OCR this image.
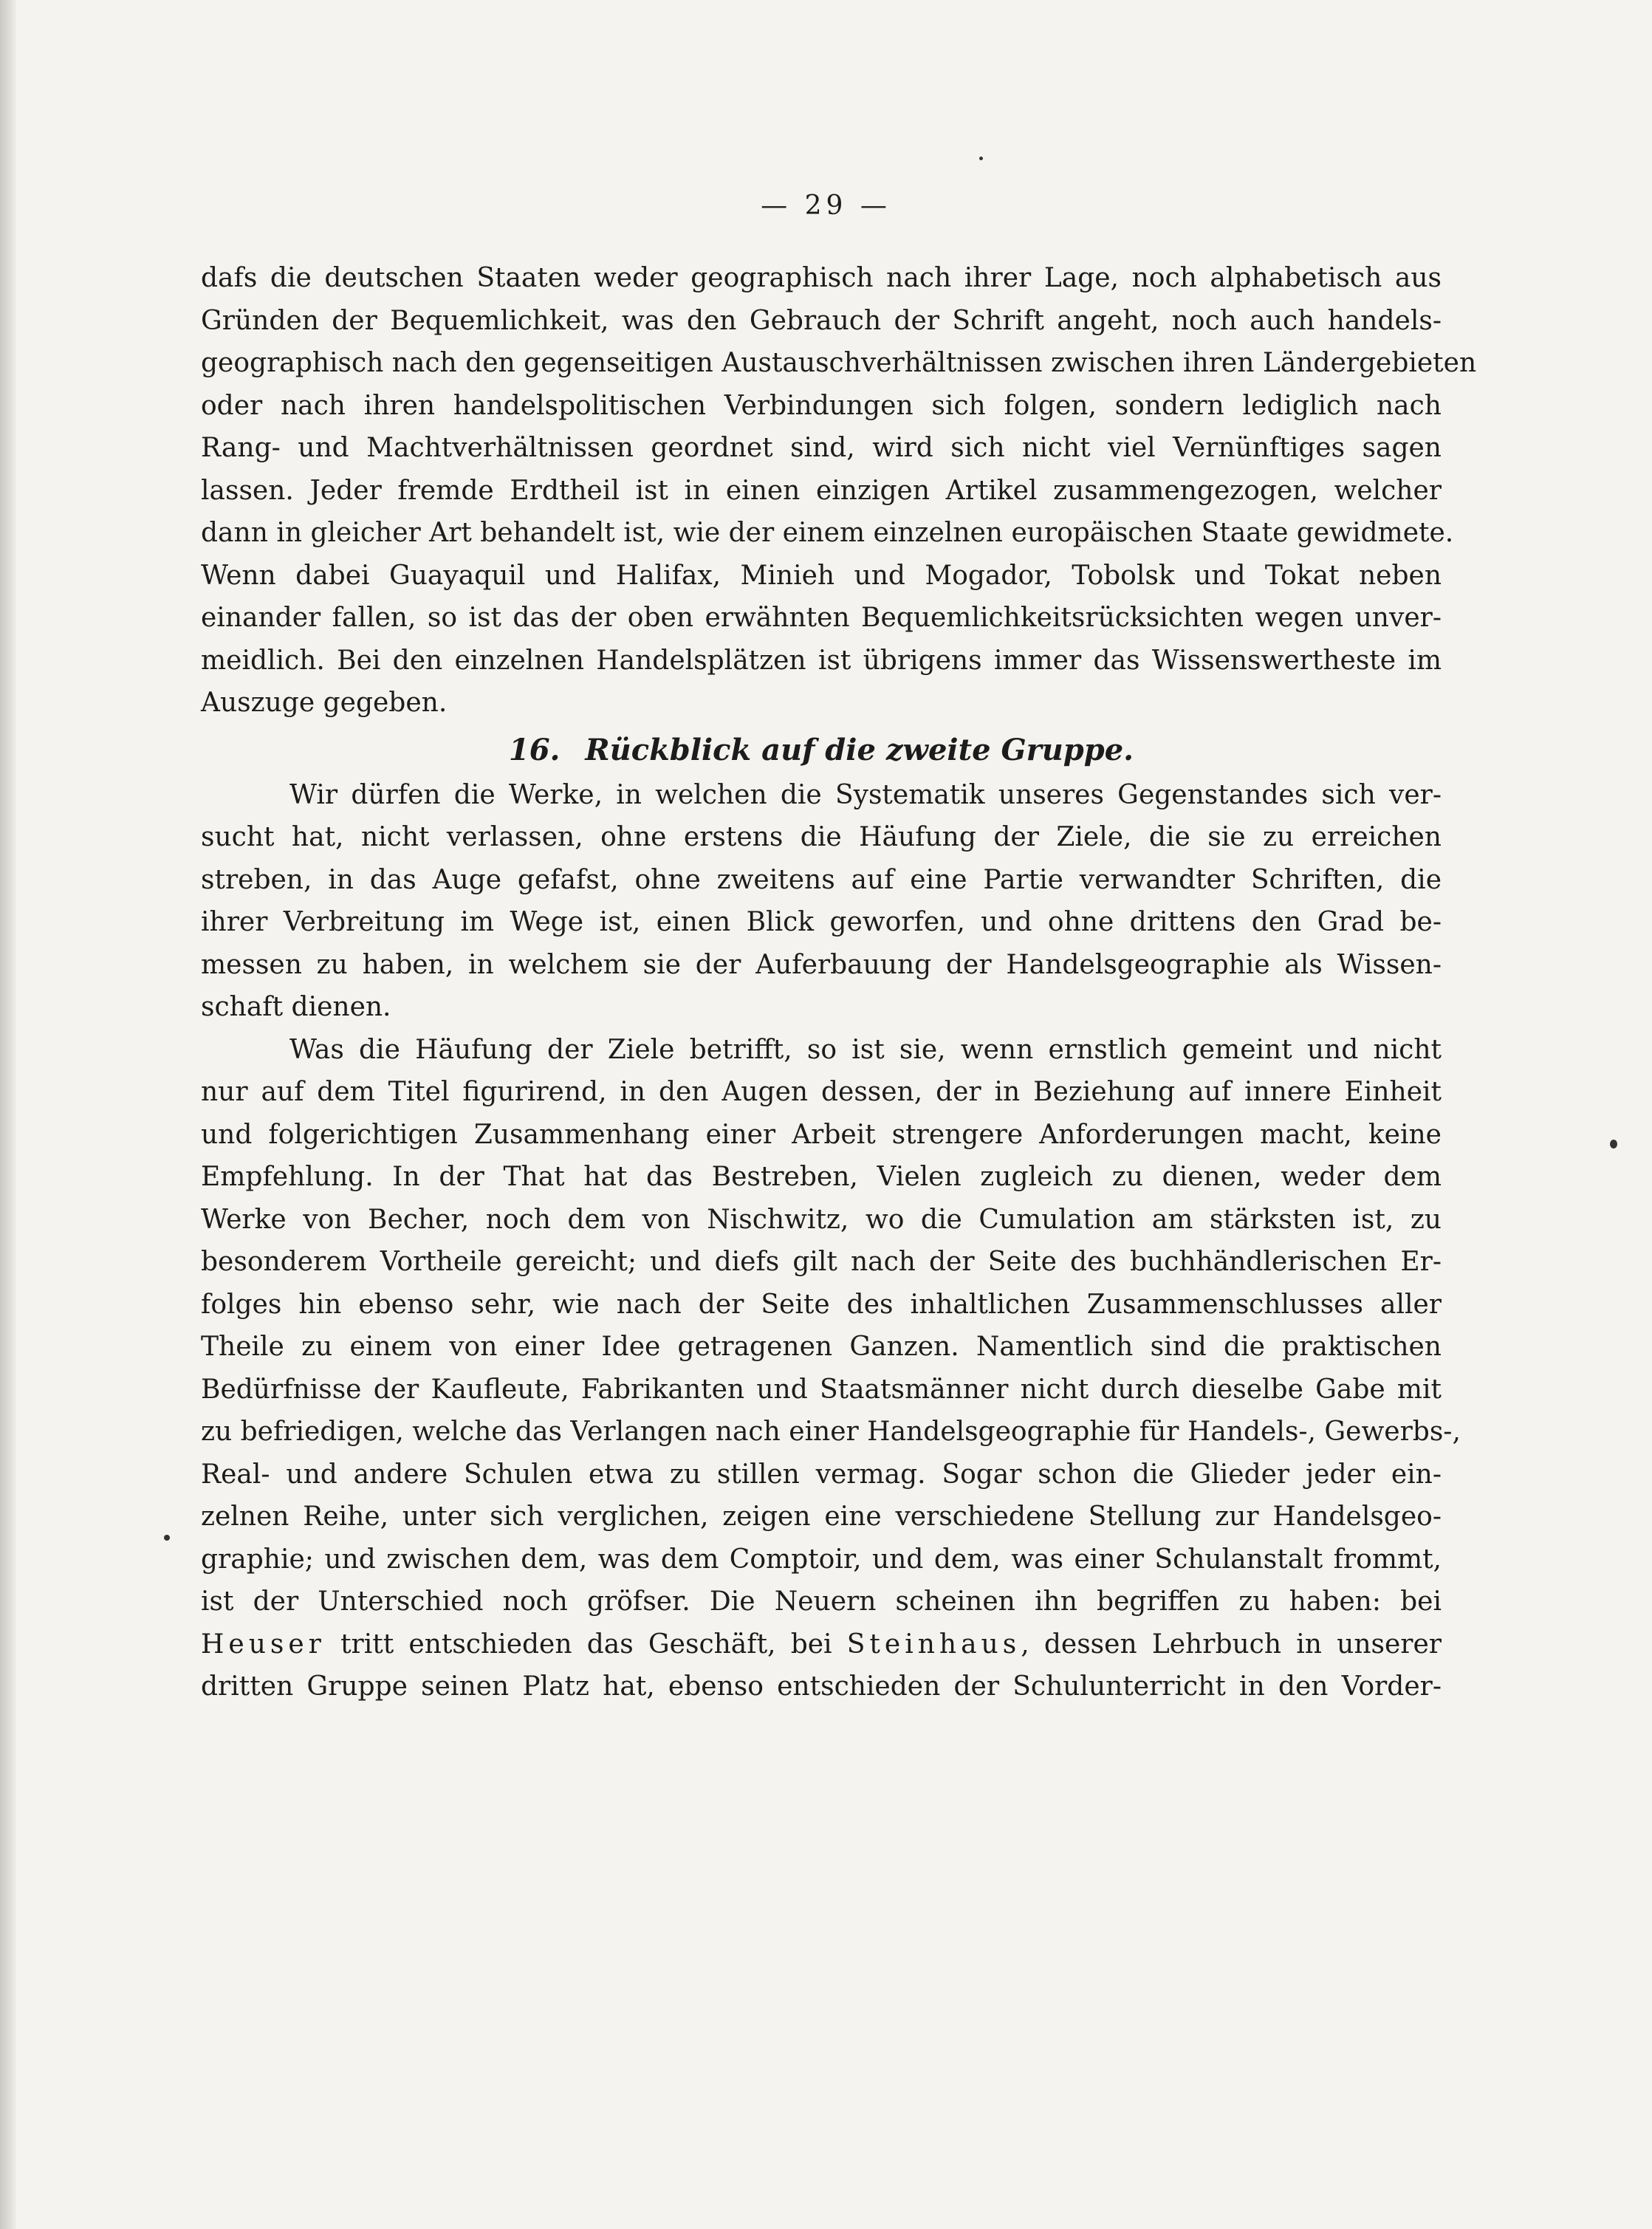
— 29 —
dafs die deutschen Staaten weder geographisch nach ihrer Lage, noch alphabetisch aus
Gründen der Bequemlichkeit, was den Gebrauch der Schrift angeht, noch auch handels-
geographisch nach den gegenseitigen Austauschverhältnissen zwischen ihren Ländergebieten
oder nach ihren handelspolitischen Verbindungen sich folgen, sondern lediglich nach
Rang- und Machtverhältnissen geordnet sind, wird sich nicht viel Vernünftiges sagen
lassen. Jeder fremde Erdtheil ist in einen einzigen Artikel zusammengezogen, welcher
dann in gleicher Art behandelt ist, wie der einem einzelnen europäischen Staate gewidmete.
Wenn dabei Guayaquil und Halifax, Minieh und Mogador, Tobolsk und Tokat neben
einander fallen, so ist das der oben erwähnten Bequemlichkeitsrücksichten wegen unver-
meidlich. Bei den einzelnen Handelsplätzen ist übrigens immer das Wissenswertheste im
Auszuge gegeben.
16. Rückblick auf die zweite Gruppe.
Wir dürfen die Werke, in welchen die Systematik unseres Gegenstandes sich ver-
sucht hat, nicht verlassen, ohne erstens die Häufung der Ziele, die sie zu erreichen
streben, in das Auge gefafst, ohne zweitens auf eine Partie verwandter Schriften, die
ihrer Verbreitung im Wege ist, einen Blick geworfen, und ohne drittens den Grad be-
messen zu haben, in welchem sie der Auferbauung der Handelsgeographie als Wissen-
schaft dienen.
Was die Häufung der Ziele betrifft, so ist sie, wenn ernstlich gemeint und nicht
nur auf dem Titel figurirend, in den Augen dessen, der in Beziehung auf innere Einheit
und folgerichtigen Zusammenhang einer Arbeit strengere Anforderungen macht, keine
Empfehlung. In der That hat das Bestreben, Vielen zugleich zu dienen, weder dem
Werke von Becher, noch dem von Nischwitz, wo die Cumulation am stärksten ist, zu
besonderem Vortheile gereicht; und diefs gilt nach der Seite des buchhändlerischen Er-
folges hin ebenso sehr, wie nach der Seite des inhaltlichen Zusammenschlusses aller
Theile zu einem von einer Idee getragenen Ganzen. Namentlich sind die praktischen
Bedürfnisse der Kaufleute, Fabrikanten und Staatsmänner nicht durch dieselbe Gabe mit
zu befriedigen, welche das Verlangen nach einer Handelsgeographie für Handels-, Gewerbs-,
Real- und andere Schulen etwa zu stillen vermag. Sogar schon die Glieder jeder ein-
zelnen Reihe, unter sich verglichen, zeigen eine verschiedene Stellung zur Handelsgeo-
graphie; und zwischen dem, was dem Comptoir, und dem, was einer Schulanstalt frommt,
ist der Unterschied noch gröfser. Die Neuern scheinen ihn begriffen zu haben: bei
Heuser tritt entschieden das Geschäft, bei Steinhaus, dessen Lehrbuch in unserer
dritten Gruppe seinen Platz hat, ebenso entschieden der Schulunterricht in den Vorder-
